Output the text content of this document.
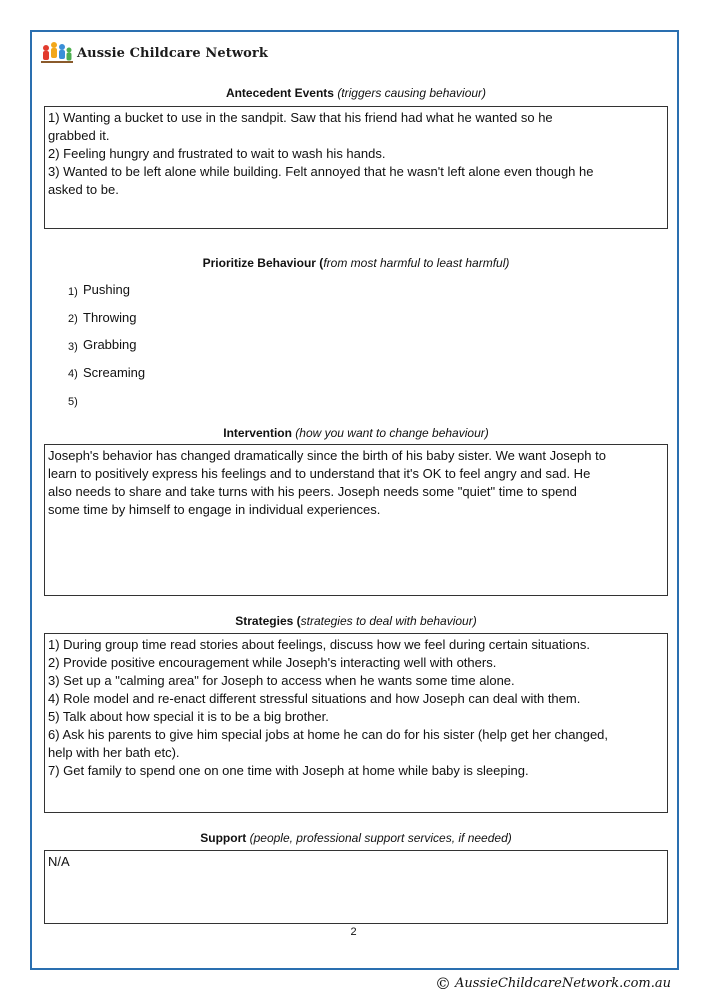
Aussie Childcare Network
Antecedent Events (triggers causing behaviour)
1) Wanting a bucket to use in the sandpit. Saw that his friend had what he wanted so he
grabbed it.
2) Feeling hungry and frustrated to wait to wash his hands.
3) Wanted to be left alone while building. Felt annoyed that he wasn't left alone even though he
asked to be.
Prioritize Behaviour (from most harmful to least harmful)
1) Pushing
2) Throwing
3) Grabbing
4) Screaming
5)
Intervention (how you want to change behaviour)
Joseph's behavior has changed dramatically since the birth of his baby sister. We want Joseph to
learn to positively express his feelings and to understand that it's OK to feel angry and sad. He
also needs to share and take turns with his peers. Joseph needs some "quiet" time to spend
some time by himself to engage in individual experiences.
Strategies (strategies to deal with behaviour)
1) During group time read stories about feelings, discuss how we feel during certain situations.
2) Provide positive encouragement while Joseph's interacting well with others.
3) Set up a "calming area" for Joseph to access when he wants some time alone.
4) Role model and re-enact different stressful situations and how Joseph can deal with them.
5) Talk about how special it is to be a big brother.
6) Ask his parents to give him special jobs at home he can do for his sister (help get her changed,
help with her bath etc).
7) Get family to spend one on one time with Joseph at home while baby is sleeping.
Support (people, professional support services, if needed)
N/A
2
© AussieChildcareNetwork.com.au
